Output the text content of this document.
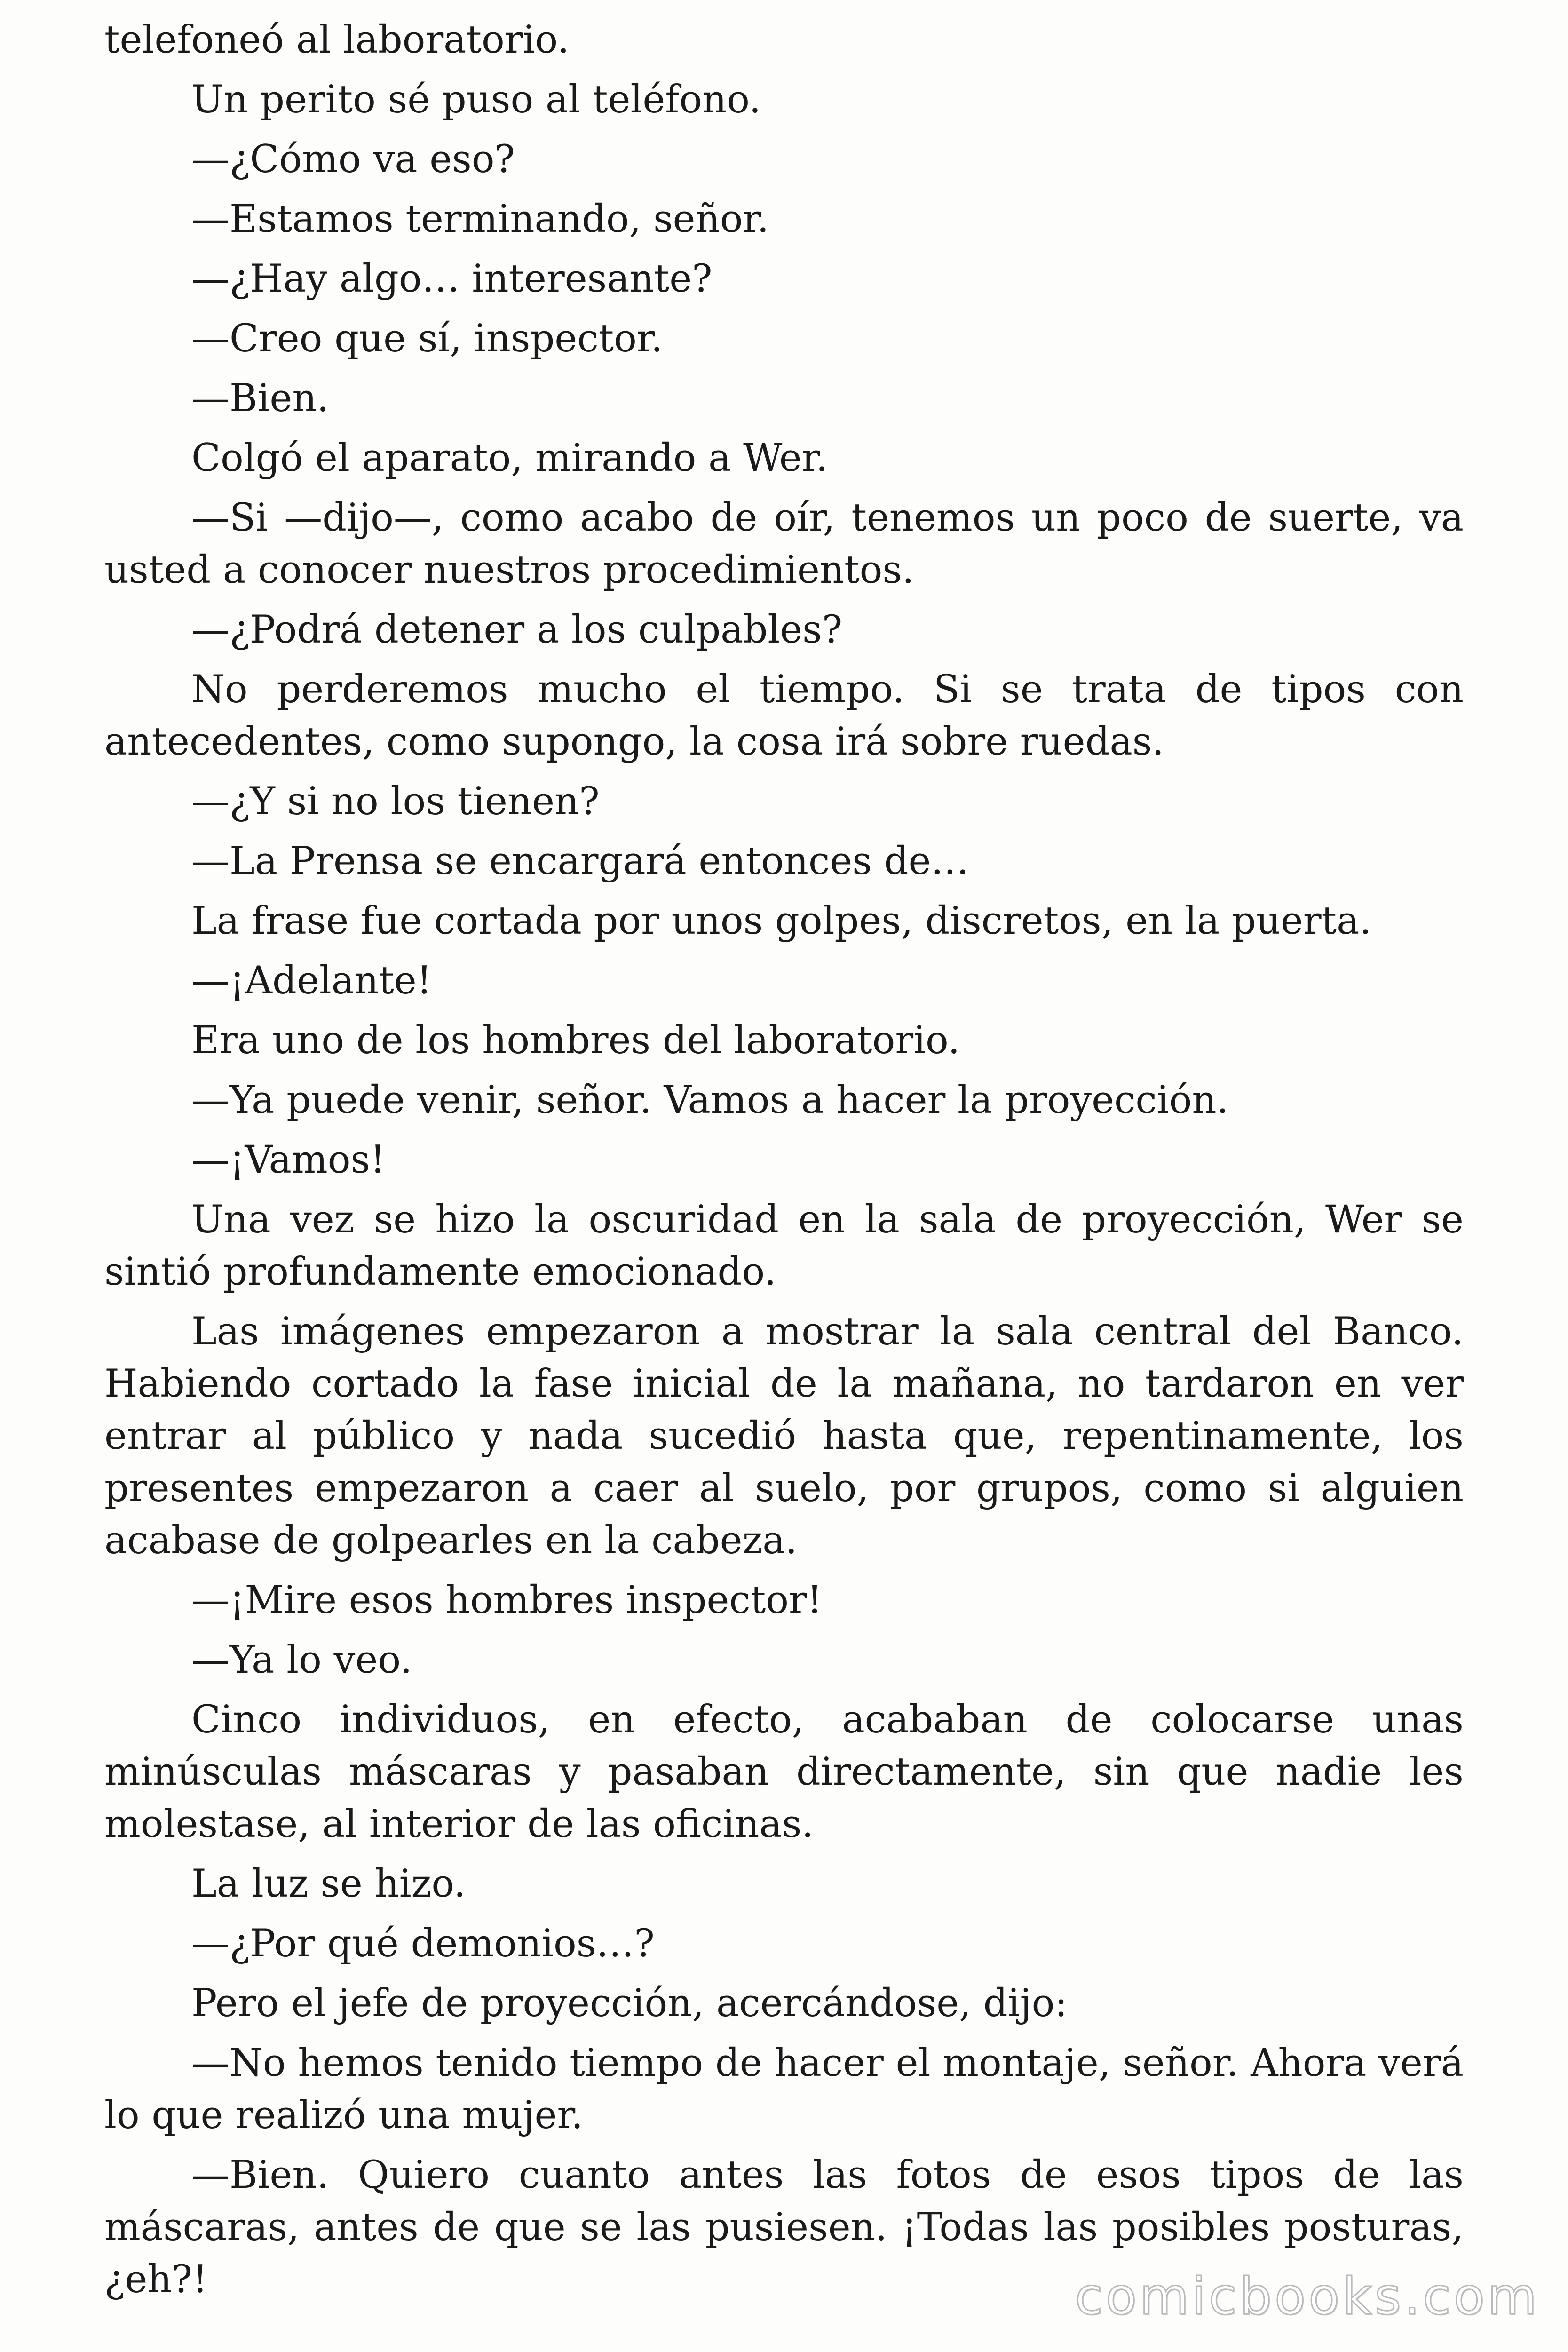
telefoneó al laboratorio.

Un perito sé puso al teléfono.

—¿Cómo va eso?

—Estamos terminando, señor.

—¿Hay algo… interesante?

—Creo que sí, inspector.

—Bien.

Colgó el aparato, mirando a Wer.

—Si —dijo—, como acabo de oír, tenemos un poco de suerte, va usted a conocer nuestros procedimientos.

—¿Podrá detener a los culpables?

No perderemos mucho el tiempo. Si se trata de tipos con antecedentes, como supongo, la cosa irá sobre ruedas.

—¿Y si no los tienen?

—La Prensa se encargará entonces de…

La frase fue cortada por unos golpes, discretos, en la puerta.

—¡Adelante!

Era uno de los hombres del laboratorio.

—Ya puede venir, señor. Vamos a hacer la proyección.

—¡Vamos!

Una vez se hizo la oscuridad en la sala de proyección, Wer se sintió profundamente emocionado.

Las imágenes empezaron a mostrar la sala central del Banco. Habiendo cortado la fase inicial de la mañana, no tardaron en ver entrar al público y nada sucedió hasta que, repentinamente, los presentes empezaron a caer al suelo, por grupos, como si alguien acabase de golpearles en la cabeza.

—¡Mire esos hombres inspector!

—Ya lo veo.

Cinco individuos, en efecto, acababan de colocarse unas minúsculas máscaras y pasaban directamente, sin que nadie les molestase, al interior de las oficinas.

La luz se hizo.

—¿Por qué demonios…?

Pero el jefe de proyección, acercándose, dijo:

—No hemos tenido tiempo de hacer el montaje, señor. Ahora verá lo que realizó una mujer.

—Bien. Quiero cuanto antes las fotos de esos tipos de las máscaras, antes de que se las pusiesen. ¡Todas las posibles posturas, ¿eh?!	comicbooks.com
